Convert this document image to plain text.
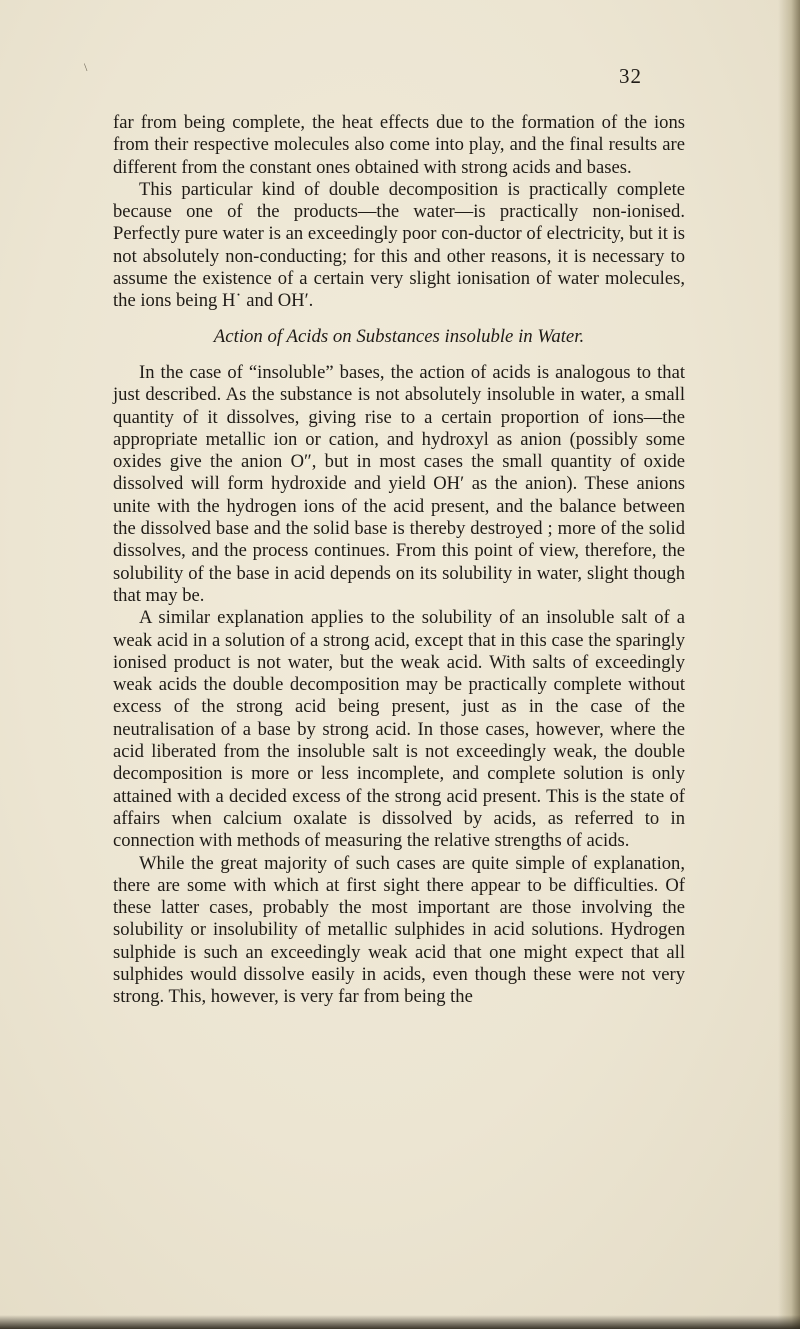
\	32

far from being complete, the heat effects due to the formation of the ions from their respective molecules also come into play, and the final results are different from the constant ones obtained with strong acids and bases.

This particular kind of double decomposition is practically complete because one of the products—the water—is practically non-ionised. Perfectly pure water is an exceedingly poor con-ductor of electricity, but it is not absolutely non-conducting; for this and other reasons, it is necessary to assume the existence of a certain very slight ionisation of water molecules, the ions being H˙ and OH′.

Action of Acids on Substances insoluble in Water.

In the case of “insoluble” bases, the action of acids is analogous to that just described. As the substance is not absolutely insoluble in water, a small quantity of it dissolves, giving rise to a certain proportion of ions—the appropriate metallic ion or cation, and hydroxyl as anion (possibly some oxides give the anion O″, but in most cases the small quantity of oxide dissolved will form hydroxide and yield OH′ as the anion). These anions unite with the hydrogen ions of the acid present, and the balance between the dissolved base and the solid base is thereby destroyed ; more of the solid dissolves, and the process continues. From this point of view, therefore, the solubility of the base in acid depends on its solubility in water, slight though that may be.

A similar explanation applies to the solubility of an insoluble salt of a weak acid in a solution of a strong acid, except that in this case the sparingly ionised product is not water, but the weak acid. With salts of exceedingly weak acids the double decomposition may be practically complete without excess of the strong acid being present, just as in the case of the neutralisation of a base by strong acid. In those cases, however, where the acid liberated from the insoluble salt is not exceedingly weak, the double decomposition is more or less incomplete, and complete solution is only attained with a decided excess of the strong acid present. This is the state of affairs when calcium oxalate is dissolved by acids, as referred to in connection with methods of measuring the relative strengths of acids.

While the great majority of such cases are quite simple of explanation, there are some with which at first sight there appear to be difficulties. Of these latter cases, probably the most important are those involving the solubility or insolubility of metallic sulphides in acid solutions. Hydrogen sulphide is such an exceedingly weak acid that one might expect that all sulphides would dissolve easily in acids, even though these were not very strong. This, however, is very far from being the
